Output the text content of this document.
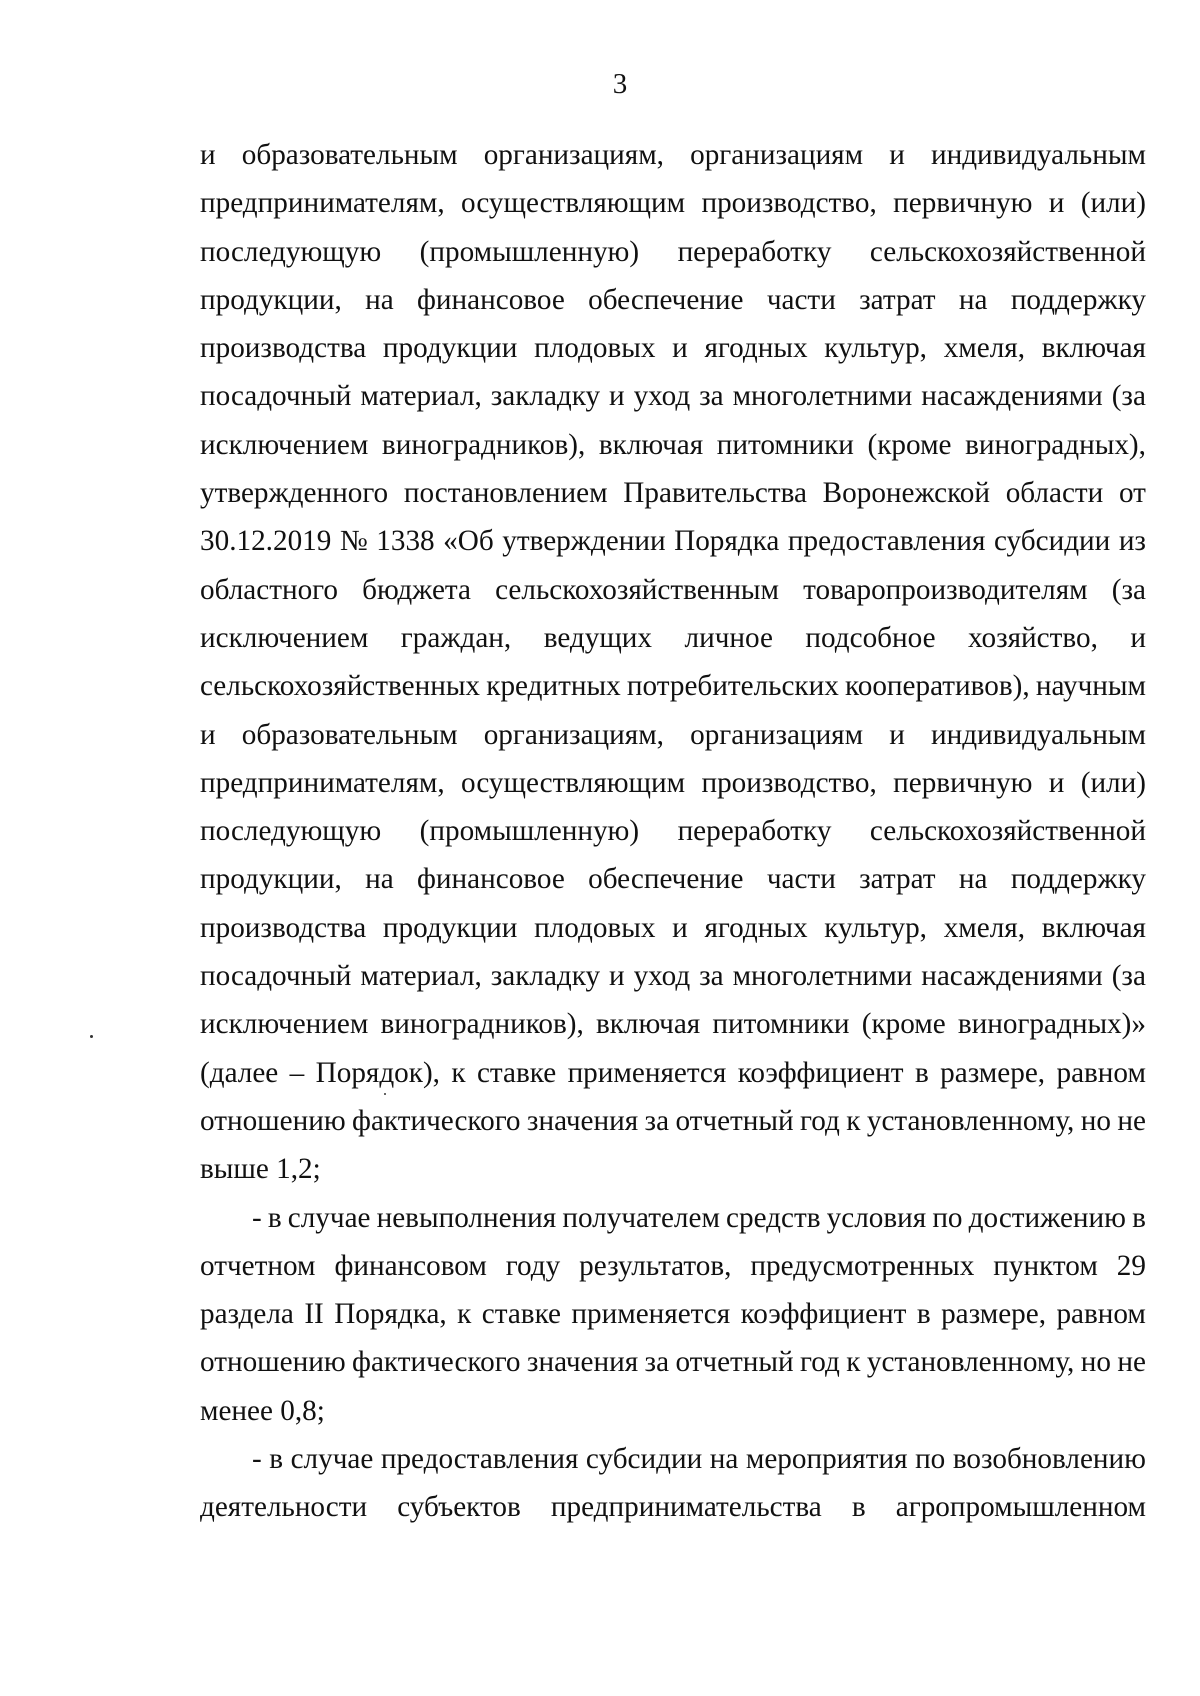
3
и образовательным организациям, организациям и индивидуальным
предпринимателям, осуществляющим производство, первичную и (или)
последующую (промышленную) переработку сельскохозяйственной
продукции, на финансовое обеспечение части затрат на поддержку
производства продукции плодовых и ягодных культур, хмеля, включая
посадочный материал, закладку и уход за многолетними насаждениями (за
исключением виноградников), включая питомники (кроме виноградных),
утвержденного постановлением Правительства Воронежской области от
30.12.2019 № 1338 «Об утверждении Порядка предоставления субсидии из
областного бюджета сельскохозяйственным товаропроизводителям (за
исключением граждан, ведущих личное подсобное хозяйство, и
сельскохозяйственных кредитных потребительских кооперативов), научным
и образовательным организациям, организациям и индивидуальным
предпринимателям, осуществляющим производство, первичную и (или)
последующую (промышленную) переработку сельскохозяйственной
продукции, на финансовое обеспечение части затрат на поддержку
производства продукции плодовых и ягодных культур, хмеля, включая
посадочный материал, закладку и уход за многолетними насаждениями (за
исключением виноградников), включая питомники (кроме виноградных)»
(далее – Порядок), к ставке применяется коэффициент в размере, равном
отношению фактического значения за отчетный год к установленному, но не
выше 1,2;
- в случае невыполнения получателем средств условия по достижению в
отчетном финансовом году результатов, предусмотренных пунктом 29
раздела II Порядка, к ставке применяется коэффициент в размере, равном
отношению фактического значения за отчетный год к установленному, но не
менее 0,8;
- в случае предоставления субсидии на мероприятия по возобновлению
деятельности субъектов предпринимательства в агропромышленном
